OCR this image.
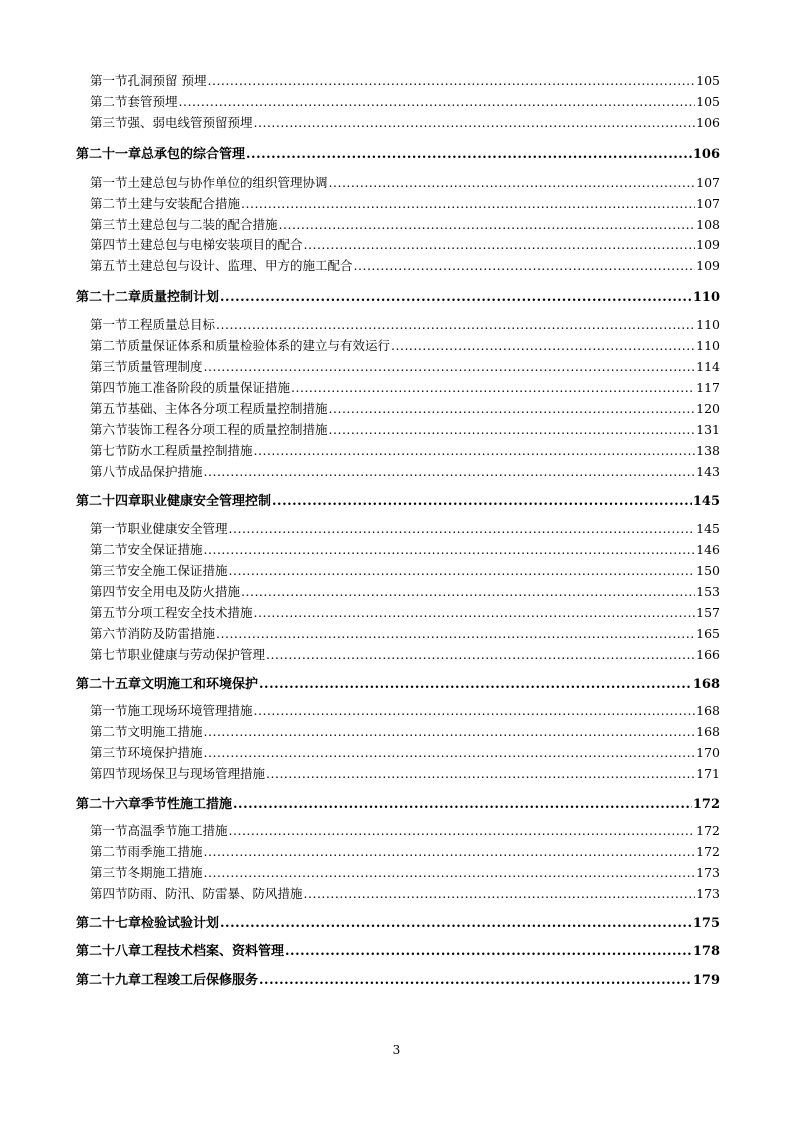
第一节 孔洞预留 预埋 .....	105
第二节 套管预埋 .....	105
第三节 强、弱电线管预留预埋 .....	106
第二十一章 总承包的综合管理 .....	106
第一节 土建总包与协作单位的组织管理协调 .....	107
第二节 土建与安装配合措施 .....	107
第三节 土建总包与二装的配合措施 .....	108
第四节 土建总包与电梯安装项目的配合 .....	109
第五节 土建总包与设计、监理、甲方的施工配合 .....	109
第二十二章 质量控制计划 .....	110
第一节 工程质量总目标 .....	110
第二节 质量保证体系和质量检验体系的建立与有效运行 .....	110
第三节 质量管理制度 .....	114
第四节 施工准备阶段的质量保证措施 .....	117
第五节 基础、主体各分项工程质量控制措施 .....	120
第六节 装饰工程各分项工程的质量控制措施 .....	131
第七节 防水工程质量控制措施 .....	138
第八节 成品保护措施 .....	143
第二十四章 职业健康安全管理控制 .....	145
第一节 职业健康安全管理 .....	145
第二节 安全保证措施 .....	146
第三节 安全施工保证措施 .....	150
第四节 安全用电及防火措施 .....	153
第五节 分项工程安全技术措施 .....	157
第六节 消防及防雷措施 .....	165
第七节 职业健康与劳动保护管理 .....	166
第二十五章 文明施工和环境保护 .....	168
第一节 施工现场环境管理措施 .....	168
第二节 文明施工措施 .....	168
第三节 环境保护措施 .....	170
第四节 现场保卫与现场管理措施 .....	171
第二十六章 季节性施工措施 .....	172
第一节 高温季节施工措施 .....	172
第二节 雨季施工措施 .....	172
第三节 冬期施工措施 .....	173
第四节 防雨、防汛、防雷暴、防风措施 .....	173
第二十七章 检验试验计划 .....	175
第二十八章 工程技术档案、资料管理 .....	178
第二十九章 工程竣工后保修服务 .....	179
3
